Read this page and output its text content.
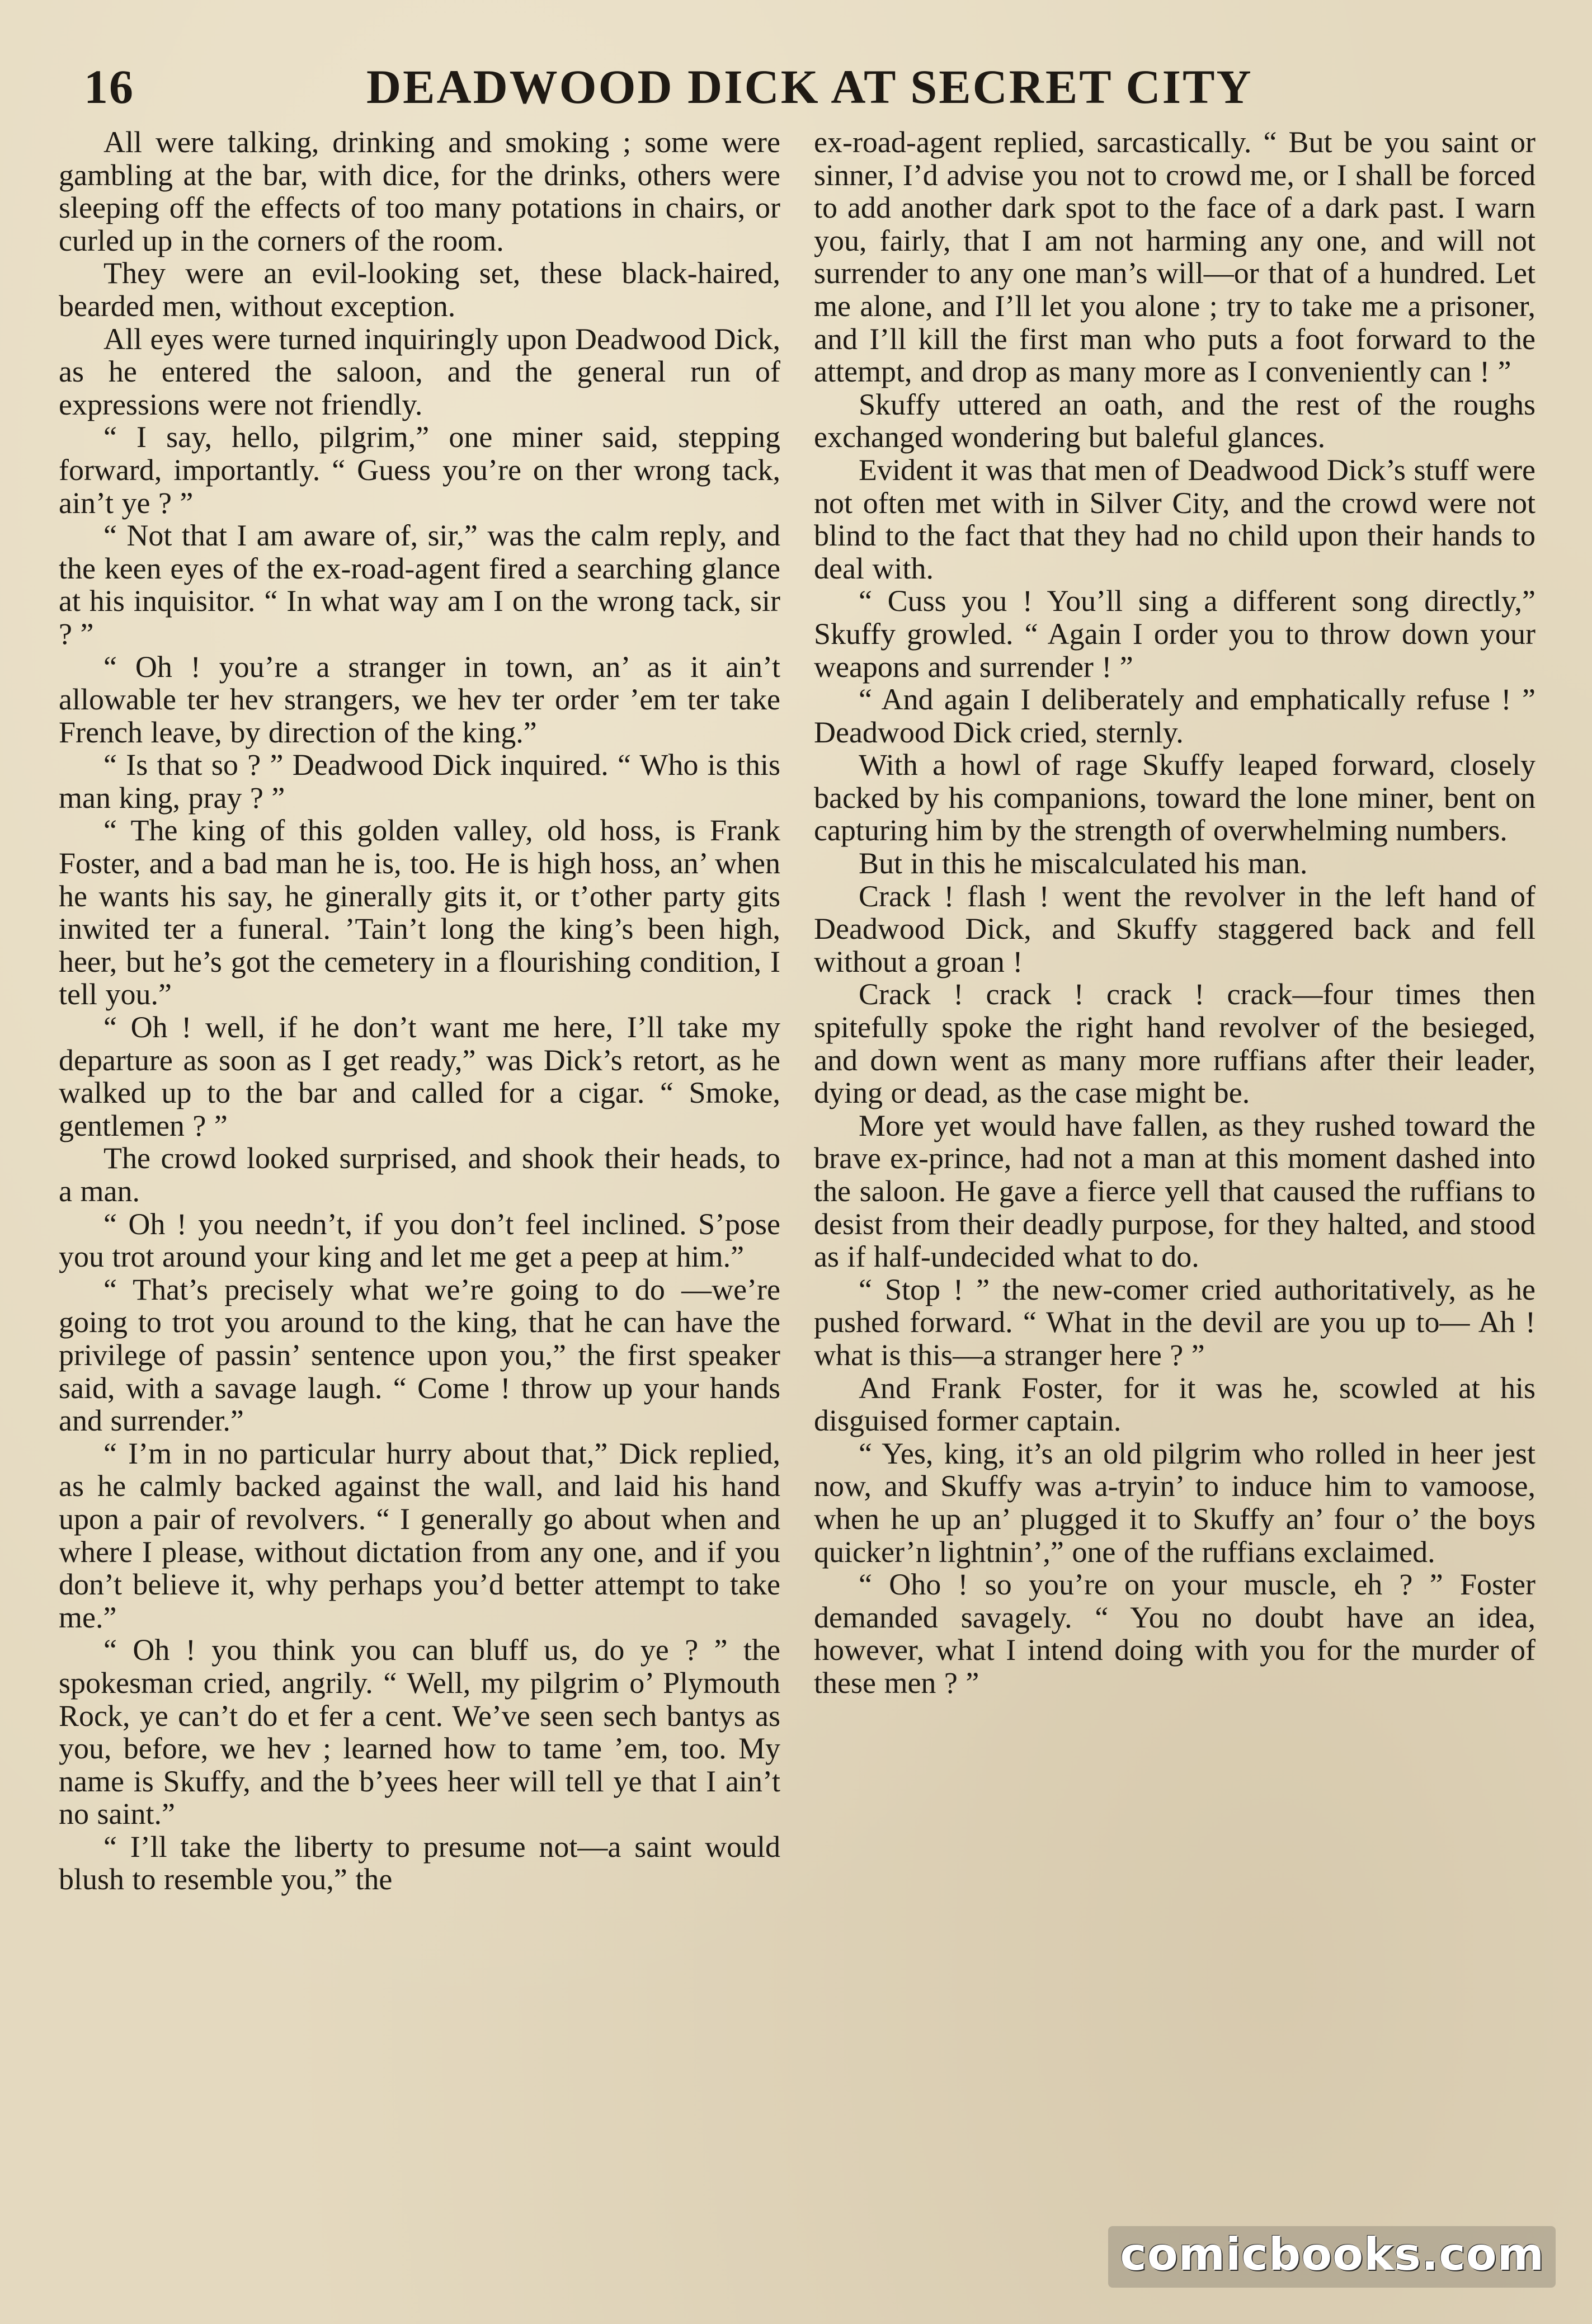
16	DEADWOOD DICK AT SECRET CITY

All were talking, drinking and smoking ; some were gambling at the bar, with dice, for the drinks, others were sleeping off the effects of too many potations in chairs, or curled up in the corners of the room.

They were an evil-looking set, these black-haired, bearded men, without exception.

All eyes were turned inquiringly upon Deadwood Dick, as he entered the saloon, and the general run of expressions were not friendly.

“ I say, hello, pilgrim,” one miner said, stepping forward, importantly. “ Guess you’re on ther wrong tack, ain’t ye ? ”

“ Not that I am aware of, sir,” was the calm reply, and the keen eyes of the ex-road-agent fired a searching glance at his inquisitor. “ In what way am I on the wrong tack, sir ? ”

“ Oh ! you’re a stranger in town, an’ as it ain’t allowable ter hev strangers, we hev ter order ’em ter take French leave, by direction of the king.”

“ Is that so ? ” Deadwood Dick inquired. “ Who is this man king, pray ? ”

“ The king of this golden valley, old hoss, is Frank Foster, and a bad man he is, too. He is high hoss, an’ when he wants his say, he ginerally gits it, or t’other party gits inwited ter a funeral. ’Tain’t long the king’s been high, heer, but he’s got the cemetery in a flourishing condition, I tell you.”

“ Oh ! well, if he don’t want me here, I’ll take my departure as soon as I get ready,” was Dick’s retort, as he walked up to the bar and called for a cigar. “ Smoke, gentlemen ? ”

The crowd looked surprised, and shook their heads, to a man.

“ Oh ! you needn’t, if you don’t feel inclined. S’pose you trot around your king and let me get a peep at him.”

“ That’s precisely what we’re going to do —we’re going to trot you around to the king, that he can have the privilege of passin’ sentence upon you,” the first speaker said, with a savage laugh. “ Come ! throw up your hands and surrender.”

“ I’m in no particular hurry about that,” Dick replied, as he calmly backed against the wall, and laid his hand upon a pair of revolvers. “ I generally go about when and where I please, without dictation from any one, and if you don’t believe it, why perhaps you’d better attempt to take me.”

“ Oh ! you think you can bluff us, do ye ? ” the spokesman cried, angrily. “ Well, my pilgrim o’ Plymouth Rock, ye can’t do et fer a cent. We’ve seen sech bantys as you, before, we hev ; learned how to tame ’em, too. My name is Skuffy, and the b’yees heer will tell ye that I ain’t no saint.”

“ I’ll take the liberty to presume not—a saint would blush to resemble you,” the

ex-road-agent replied, sarcastically. “ But be you saint or sinner, I’d advise you not to crowd me, or I shall be forced to add another dark spot to the face of a dark past. I warn you, fairly, that I am not harming any one, and will not surrender to any one man’s will—or that of a hundred. Let me alone, and I’ll let you alone ; try to take me a prisoner, and I’ll kill the first man who puts a foot forward to the attempt, and drop as many more as I conveniently can ! ”

Skuffy uttered an oath, and the rest of the roughs exchanged wondering but baleful glances.

Evident it was that men of Deadwood Dick’s stuff were not often met with in Silver City, and the crowd were not blind to the fact that they had no child upon their hands to deal with.

“ Cuss you ! You’ll sing a different song directly,” Skuffy growled. “ Again I order you to throw down your weapons and surrender ! ”

“ And again I deliberately and emphatically refuse ! ” Deadwood Dick cried, sternly.

With a howl of rage Skuffy leaped forward, closely backed by his companions, toward the lone miner, bent on capturing him by the strength of overwhelming numbers.

But in this he miscalculated his man.

Crack ! flash ! went the revolver in the left hand of Deadwood Dick, and Skuffy staggered back and fell without a groan !

Crack ! crack ! crack ! crack—four times then spitefully spoke the right hand revolver of the besieged, and down went as many more ruffians after their leader, dying or dead, as the case might be.

More yet would have fallen, as they rushed toward the brave ex-prince, had not a man at this moment dashed into the saloon. He gave a fierce yell that caused the ruffians to desist from their deadly purpose, for they halted, and stood as if half-undecided what to do.

“ Stop ! ” the new-comer cried authoritatively, as he pushed forward. “ What in the devil are you up to— Ah ! what is this—a stranger here ? ”

And Frank Foster, for it was he, scowled at his disguised former captain.

“ Yes, king, it’s an old pilgrim who rolled in heer jest now, and Skuffy was a-tryin’ to induce him to vamoose, when he up an’ plugged it to Skuffy an’ four o’ the boys quicker’n lightnin’,” one of the ruffians exclaimed.

“ Oho ! so you’re on your muscle, eh ? ” Foster demanded savagely. “ You no doubt have an idea, however, what I intend doing with you for the murder of these men ? ”

comicbooks.com
